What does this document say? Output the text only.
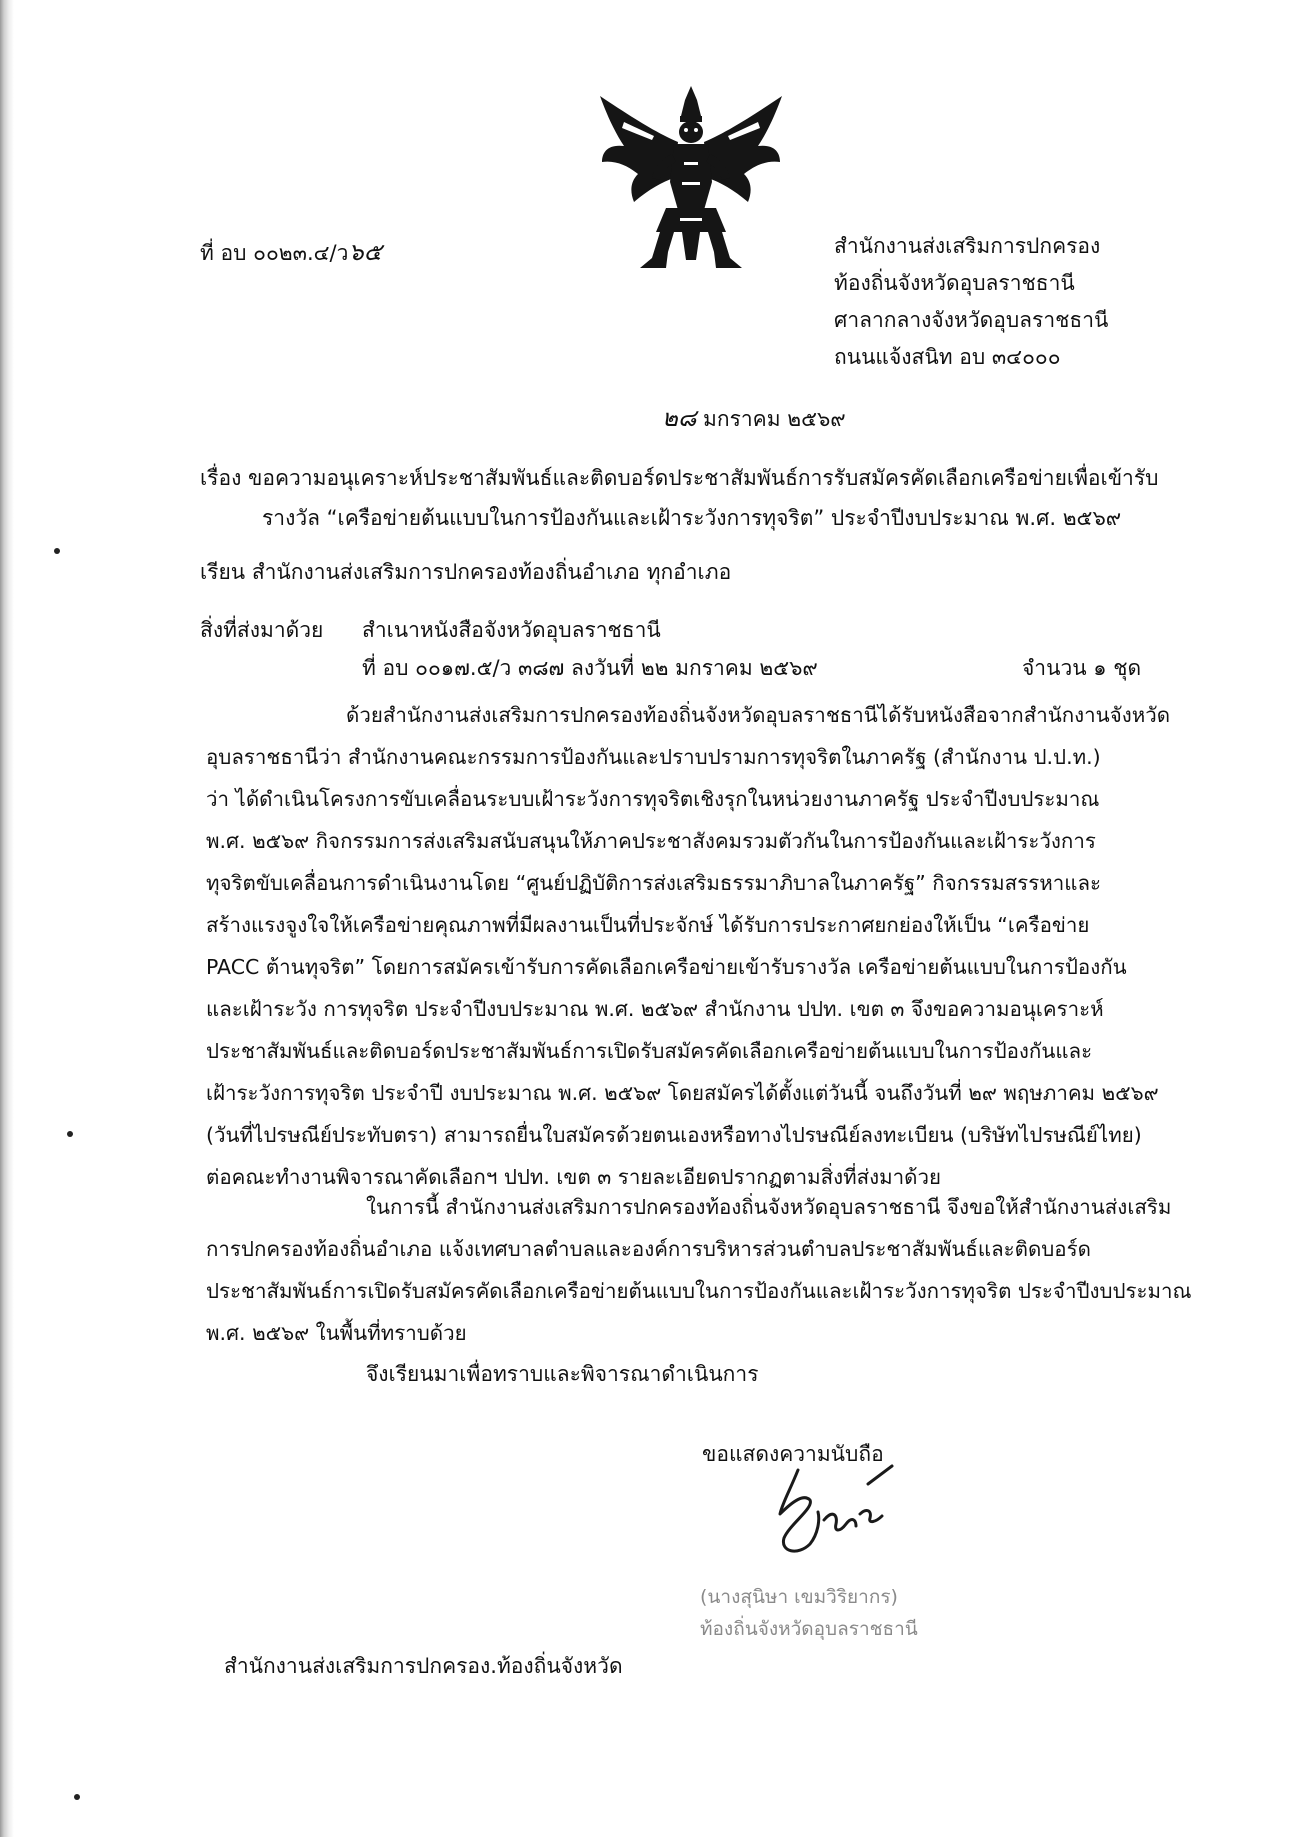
ที่ อบ ๐๐๒๓.๔/ว๖๕	สำนักงานส่งเสริมการปกครอง
ท้องถิ่นจังหวัดอุบลราชธานี
ศาลากลางจังหวัดอุบลราชธานี
ถนนแจ้งสนิท อบ ๓๔๐๐๐
๒๘ มกราคม ๒๕๖๙
เรื่อง ขอความอนุเคราะห์ประชาสัมพันธ์และติดบอร์ดประชาสัมพันธ์การรับสมัครคัดเลือกเครือข่ายเพื่อเข้ารับ
รางวัล “เครือข่ายต้นแบบในการป้องกันและเฝ้าระวังการทุจริต” ประจำปีงบประมาณ พ.ศ. ๒๕๖๙
เรียน สำนักงานส่งเสริมการปกครองท้องถิ่นอำเภอ ทุกอำเภอ
สิ่งที่ส่งมาด้วย สำเนาหนังสือจังหวัดอุบลราชธานี
ที่ อบ ๐๐๑๗.๕/ว ๓๘๗ ลงวันที่ ๒๒ มกราคม ๒๕๖๙	จำนวน ๑ ชุด
ด้วยสำนักงานส่งเสริมการปกครองท้องถิ่นจังหวัดอุบลราชธานีได้รับหนังสือจากสำนักงานจังหวัด
อุบลราชธานีว่า สำนักงานคณะกรรมการป้องกันและปราบปรามการทุจริตในภาครัฐ (สำนักงาน ป.ป.ท.)
ว่า ได้ดำเนินโครงการขับเคลื่อนระบบเฝ้าระวังการทุจริตเชิงรุกในหน่วยงานภาครัฐ ประจำปีงบประมาณ
พ.ศ. ๒๕๖๙ กิจกรรมการส่งเสริมสนับสนุนให้ภาคประชาสังคมรวมตัวกันในการป้องกันและเฝ้าระวังการ
ทุจริตขับเคลื่อนการดำเนินงานโดย “ศูนย์ปฏิบัติการส่งเสริมธรรมาภิบาลในภาครัฐ” กิจกรรมสรรหาและ
สร้างแรงจูงใจให้เครือข่ายคุณภาพที่มีผลงานเป็นที่ประจักษ์ ได้รับการประกาศยกย่องให้เป็น “เครือข่าย
PACC ต้านทุจริต” โดยการสมัครเข้ารับการคัดเลือกเครือข่ายเข้ารับรางวัล เครือข่ายต้นแบบในการป้องกัน
และเฝ้าระวัง การทุจริต ประจำปีงบประมาณ พ.ศ. ๒๕๖๙ สำนักงาน ปปท. เขต ๓ จึงขอความอนุเคราะห์
ประชาสัมพันธ์และติดบอร์ดประชาสัมพันธ์การเปิดรับสมัครคัดเลือกเครือข่ายต้นแบบในการป้องกันและ
เฝ้าระวังการทุจริต ประจำปี งบประมาณ พ.ศ. ๒๕๖๙ โดยสมัครได้ตั้งแต่วันนี้ จนถึงวันที่ ๒๙ พฤษภาคม ๒๕๖๙
(วันที่ไปรษณีย์ประทับตรา) สามารถยื่นใบสมัครด้วยตนเองหรือทางไปรษณีย์ลงทะเบียน (บริษัทไปรษณีย์ไทย)
ต่อคณะทำงานพิจารณาคัดเลือกฯ ปปท. เขต ๓ รายละเอียดปรากฏตามสิ่งที่ส่งมาด้วย
ในการนี้ สำนักงานส่งเสริมการปกครองท้องถิ่นจังหวัดอุบลราชธานี จึงขอให้สำนักงานส่งเสริม
การปกครองท้องถิ่นอำเภอ แจ้งเทศบาลตำบลและองค์การบริหารส่วนตำบลประชาสัมพันธ์และติดบอร์ด
ประชาสัมพันธ์การเปิดรับสมัครคัดเลือกเครือข่ายต้นแบบในการป้องกันและเฝ้าระวังการทุจริต ประจำปีงบประมาณ
พ.ศ. ๒๕๖๙ ในพื้นที่ทราบด้วย
จึงเรียนมาเพื่อทราบและพิจารณาดำเนินการ
ขอแสดงความนับถือ
(นางสุนิษา เขมวิริยากร)
ท้องถิ่นจังหวัดอุบลราชธานี
สำนักงานส่งเสริมการปกครอง.ท้องถิ่นจังหวัด
